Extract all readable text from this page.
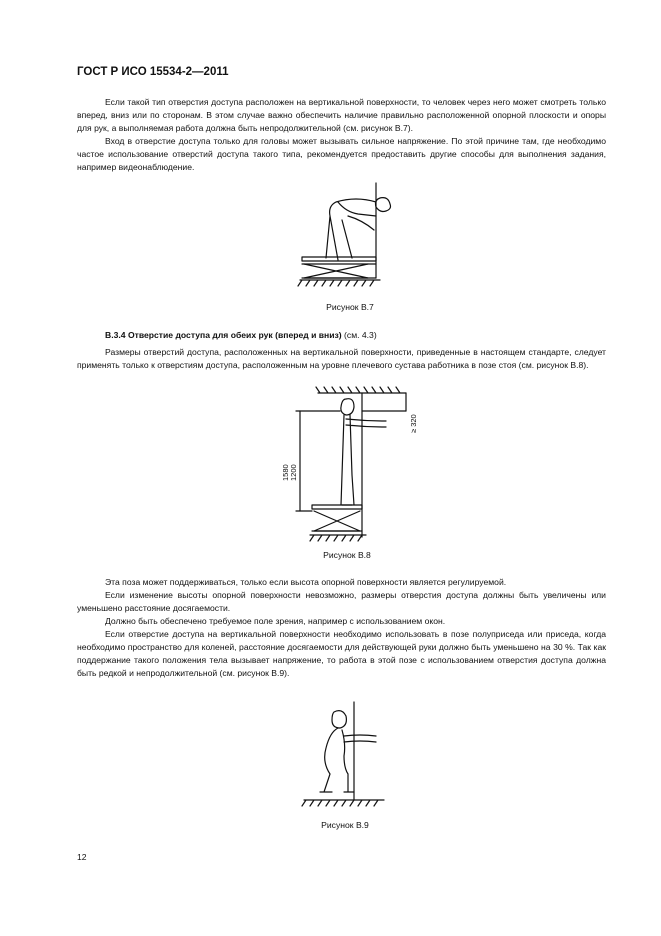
ГОСТ Р ИСО 15534-2—2011

Если такой тип отверстия доступа расположен на вертикальной поверхности, то человек через него может смотреть только вперед, вниз или по сторонам. В этом случае важно обеспечить наличие правильно расположенной опорной плоскости и опоры для рук, а выполняемая работа должна быть непродолжительной (см. рисунок В.7).

Вход в отверстие доступа только для головы может вызывать сильное напряжение. По этой причине там, где необходимо частое использование отверстий доступа такого типа, рекомендуется предоставить другие способы для выполнения задания, например видеонаблюдение.

Рисунок В.7
В.3.4 Отверстие доступа для обеих рук (вперед и вниз) (см. 4.3)

Размеры отверстий доступа, расположенных на вертикальной поверхности, приведенные в настоящем стандарте, следует применять только к отверстиям доступа, расположенным на уровне плечевого сустава работника в позе стоя (см. рисунок В.8).

1580 1200
≥ 320
Рисунок В.8

Эта поза может поддерживаться, только если высота опорной поверхности является регулируемой.

Если изменение высоты опорной поверхности невозможно, размеры отверстия доступа должны быть увеличены или уменьшено расстояние досягаемости.

Должно быть обеспечено требуемое поле зрения, например с использованием окон.

Если отверстие доступа на вертикальной поверхности необходимо использовать в позе полуприседа или приседа, когда необходимо пространство для коленей, расстояние досягаемости для действующей руки должно быть уменьшено на 30 %. Так как поддержание такого положения тела вызывает напряжение, то работа в этой позе с использованием отверстия доступа должна быть редкой и непродолжительной (см. рисунок В.9).

Рисунок В.9
12
